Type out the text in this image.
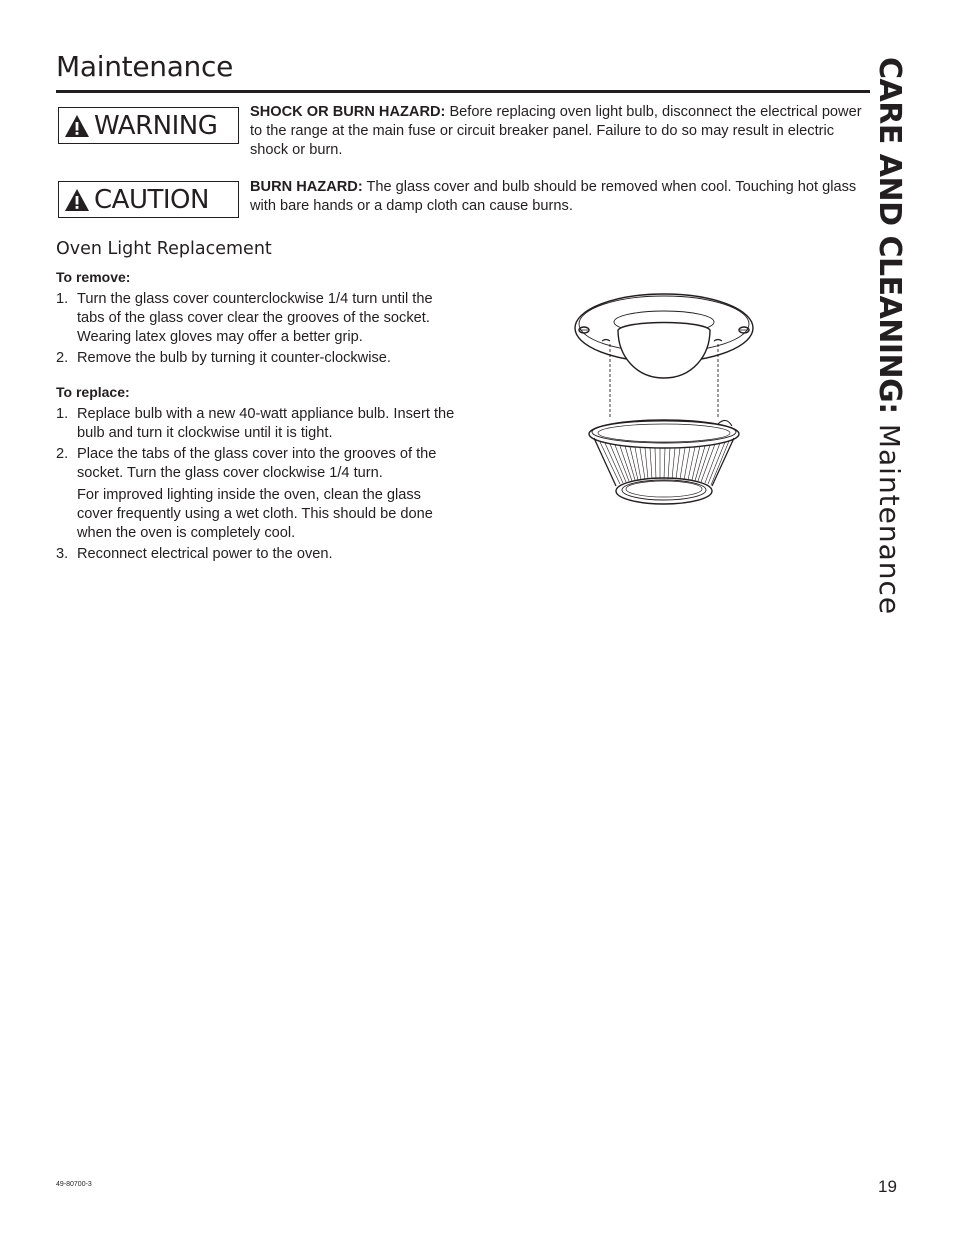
Maintenance	CARE AND CLEANING: Maintenance
WARNING SHOCK OR BURN HAZARD: Before replacing oven light bulb, disconnect the electrical power to the range at the main fuse or circuit breaker panel. Failure to do so may result in electric shock or burn.
CAUTION	BURN HAZARD: The glass cover and bulb should be removed when cool. Touching hot glass with bare hands or a damp cloth can cause burns.
Oven Light Replacement
To remove:
1. Turn the glass cover counterclockwise 1/4 turn until the tabs of the glass cover clear the grooves of the socket. Wearing latex gloves may offer a better grip.
2. Remove the bulb by turning it counter-clockwise.
To replace:
1. Replace bulb with a new 40-watt appliance bulb. Insert the bulb and turn it clockwise until it is tight.
2. Place the tabs of the glass cover into the grooves of the socket. Turn the glass cover clockwise 1/4 turn.
For improved lighting inside the oven, clean the glass cover frequently using a wet cloth. This should be done when the oven is completely cool.
3. Reconnect electrical power to the oven.
49-80700-3	19
